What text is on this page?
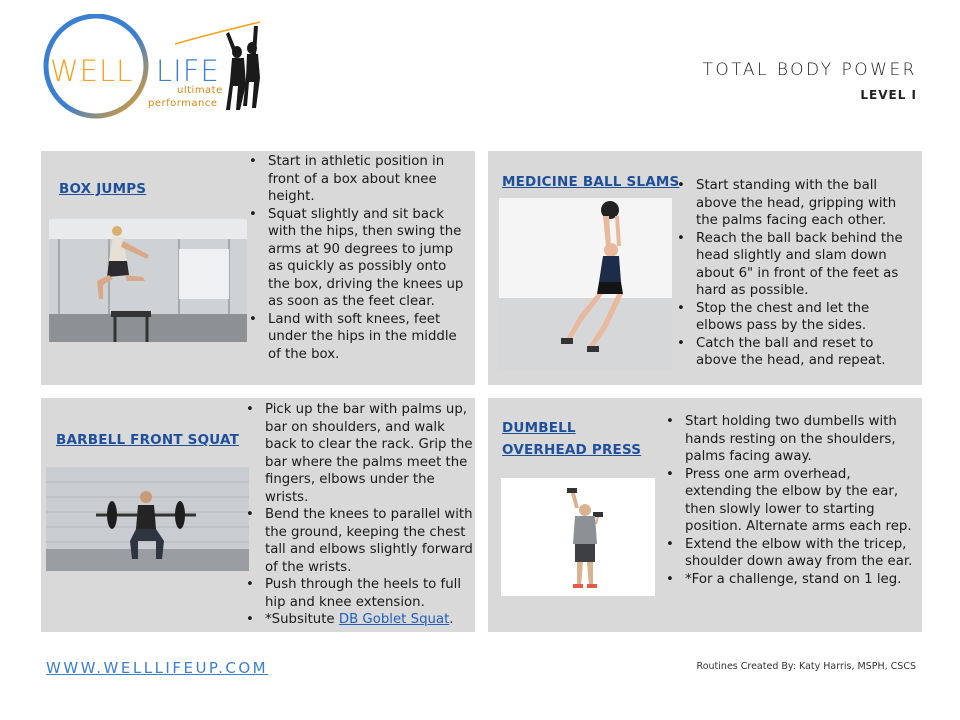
WELL LIFE
ultimate
performance
TOTAL BODY POWER
LEVEL I
BOX JUMPS
• Start in athletic position in front of a box about knee height.
• Squat slightly and sit back with the hips, then swing the arms at 90 degrees to jump as quickly as possibly onto the box, driving the knees up as soon as the feet clear.
• Land with soft knees, feet under the hips in the middle of the box.
MEDICINE BALL SLAMS
•	Start standing with the ball above the head, gripping with the palms facing each other.
• Reach the ball back behind the head slightly and slam down about 6" in front of the feet as hard as possible.
• Stop the chest and let the elbows pass by the sides.
• Catch the ball and reset to above the head, and repeat.
BARBELL FRONT SQUAT
• Pick up the bar with palms up, bar on shoulders, and walk back to clear the rack. Grip the bar where the palms meet the fingers, elbows under the wrists.
• Bend the knees to parallel with the ground, keeping the chest tall and elbows slightly forward of the wrists.
• Push through the heels to full hip and knee extension.
• *Subsitute DB Goblet Squat.
DUMBELL OVERHEAD PRESS
• Start holding two dumbells with hands resting on the shoulders, palms facing away.
• Press one arm overhead, extending the elbow by the ear, then slowly lower to starting position. Alternate arms each rep.
• Extend the elbow with the tricep, shoulder down away from the ear.
• *For a challenge, stand on 1 leg.
WWW.WELLLIFEUP.COM	Routines Created By: Katy Harris, MSPH, CSCS
